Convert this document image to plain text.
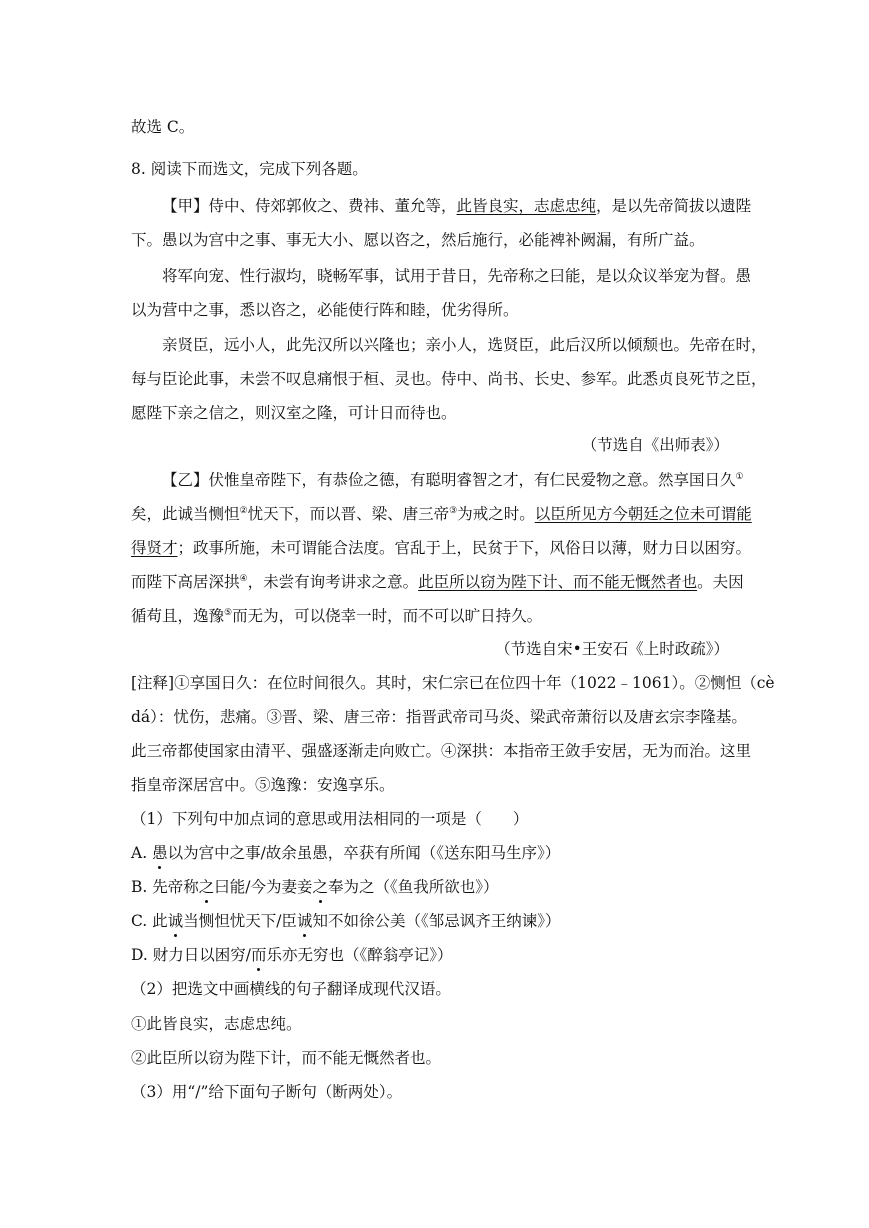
故选 C。
8. 阅读下而选文，完成下列各题。
【甲】侍中、侍郊郭攸之、费祎、董允等，此皆良实，志虑忠纯，是以先帝简拔以遗陛
下。愚以为宫中之事、事无大小、愿以咨之，然后施行，必能裨补阙漏，有所广益。
将军向宠、性行淑均，晓畅军事，试用于昔日，先帝称之曰能，是以众议举宠为督。愚
以为营中之事，悉以咨之，必能使行阵和睦，优劣得所。
亲贤臣，远小人，此先汉所以兴隆也；亲小人，选贤臣，此后汉所以倾颓也。先帝在时，
每与臣论此事，未尝不叹息痛恨于桓、灵也。侍中、尚书、长史、参军。此悉贞良死节之臣，
愿陛下亲之信之，则汉室之隆，可计日而待也。
（节选自《出师表》）
【乙】伏惟皇帝陛下，有恭俭之德，有聪明睿智之才，有仁民爱物之意。然享国日久①
矣，此诚当恻怛②忧天下，而以晋、梁、唐三帝③为戒之时。以臣所见方今朝廷之位未可谓能
得贤才；政事所施，未可谓能合法度。官乱于上，民贫于下，风俗日以薄，财力日以困穷。
而陛下高居深拱④，未尝有询考讲求之意。此臣所以窃为陛下计、而不能无慨然者也。夫因
循苟且，逸豫⑤而无为，可以侥幸一时，而不可以旷日持久。
（节选自宋•王安石《上时政疏》）
[注释]①享国日久：在位时间很久。其时，宋仁宗已在位四十年（1022﹣1061）。②恻怛（cè
dá）：忧伤，悲痛。③晋、梁、唐三帝：指晋武帝司马炎、梁武帝萧衍以及唐玄宗李隆基。
此三帝都使国家由清平、强盛逐渐走向败亡。④深拱：本指帝王敛手安居，无为而治。这里
指皇帝深居宫中。⑤逸豫：安逸享乐。
（1）下列句中加点词的意思或用法相同的一项是（　　）
A. 愚以为宫中之事/故余虽愚，卒获有所闻（《送东阳马生序》）
B. 先帝称之曰能/今为妻妾之奉为之（《鱼我所欲也》）
C. 此诚当恻怛忧天下/臣诚知不如徐公美（《邹忌讽齐王纳谏》）
D. 财力日以困穷/而乐亦无穷也（《醉翁亭记》）
（2）把选文中画横线的句子翻译成现代汉语。
①此皆良实，志虑忠纯。
②此臣所以窃为陛下计，而不能无慨然者也。
（3）用“/”给下面句子断句（断两处）。
